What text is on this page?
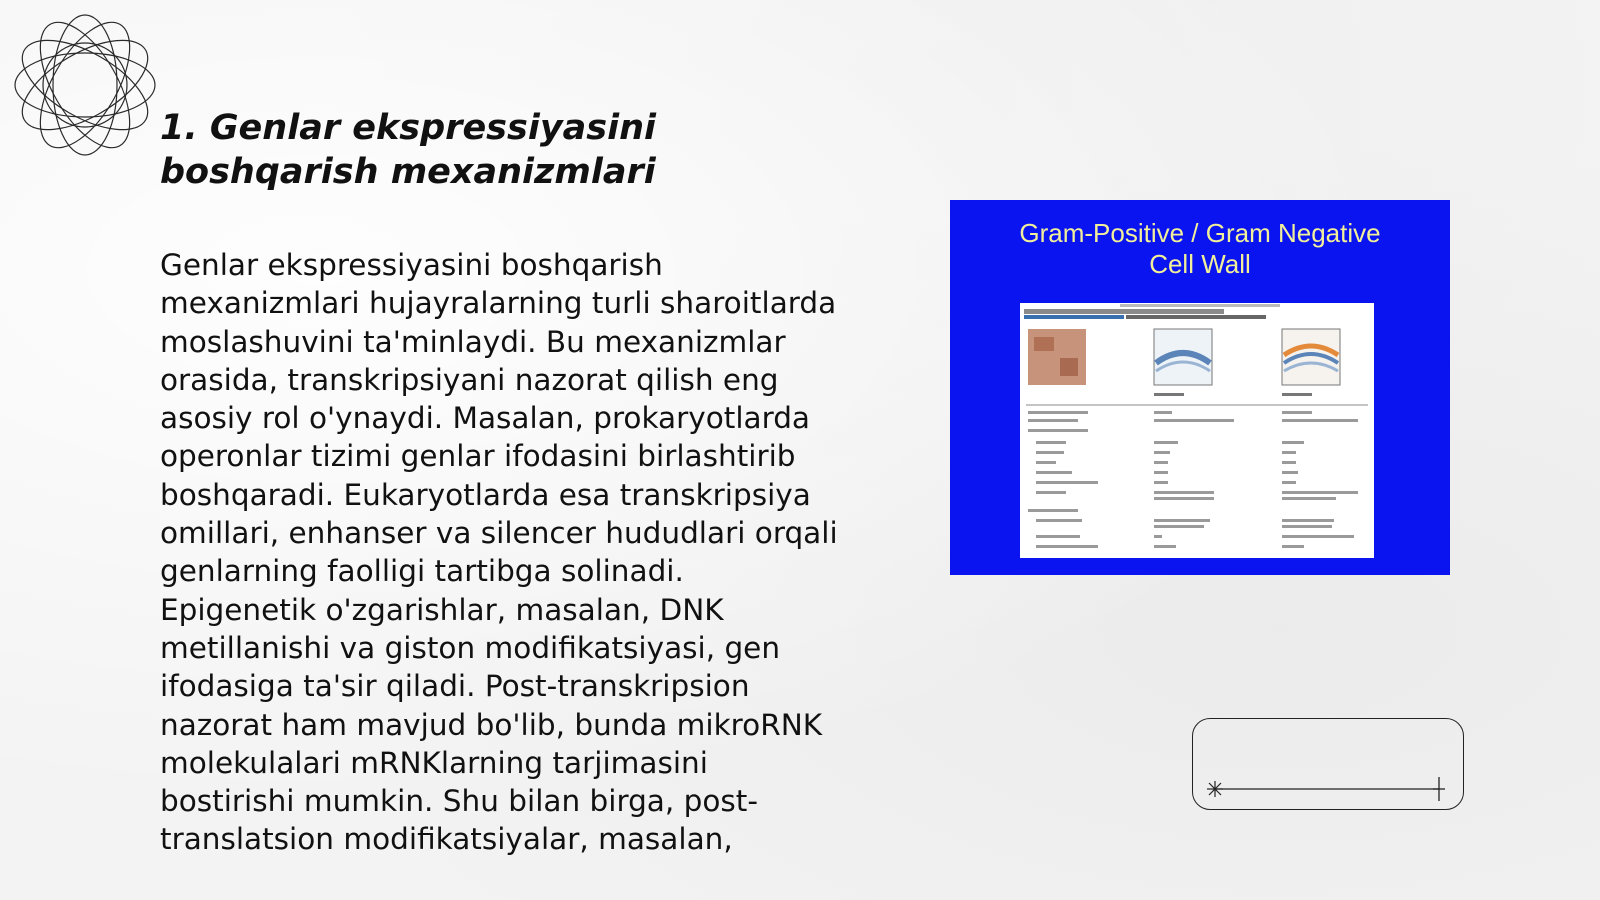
1. Genlar ekspressiyasini boshqarish mexanizmlari

Genlar ekspressiyasini boshqarish mexanizmlari hujayralarning turli sharoitlarda moslashuvini ta'minlaydi. Bu mexanizmlar orasida, transkripsiyani nazorat qilish eng asosiy rol o'ynaydi. Masalan, prokaryotlarda operonlar tizimi genlar ifodasini birlashtirib boshqaradi. Eukaryotlarda esa transkripsiya omillari, enhanser va silencer hududlari orqali genlarning faolligi tartibga solinadi. Epigenetik o'zgarishlar, masalan, DNK metillanishi va giston modifikatsiyasi, gen ifodasiga ta'sir qiladi. Post-transkripsion nazorat ham mavjud bo'lib, bunda mikroRNK molekulalari mRNKlarning tarjimasini bostirishi mumkin. Shu bilan birga, post-translatsion modifikatsiyalar, masalan,

Gram-Positive / Gram Negative
Cell Wall
